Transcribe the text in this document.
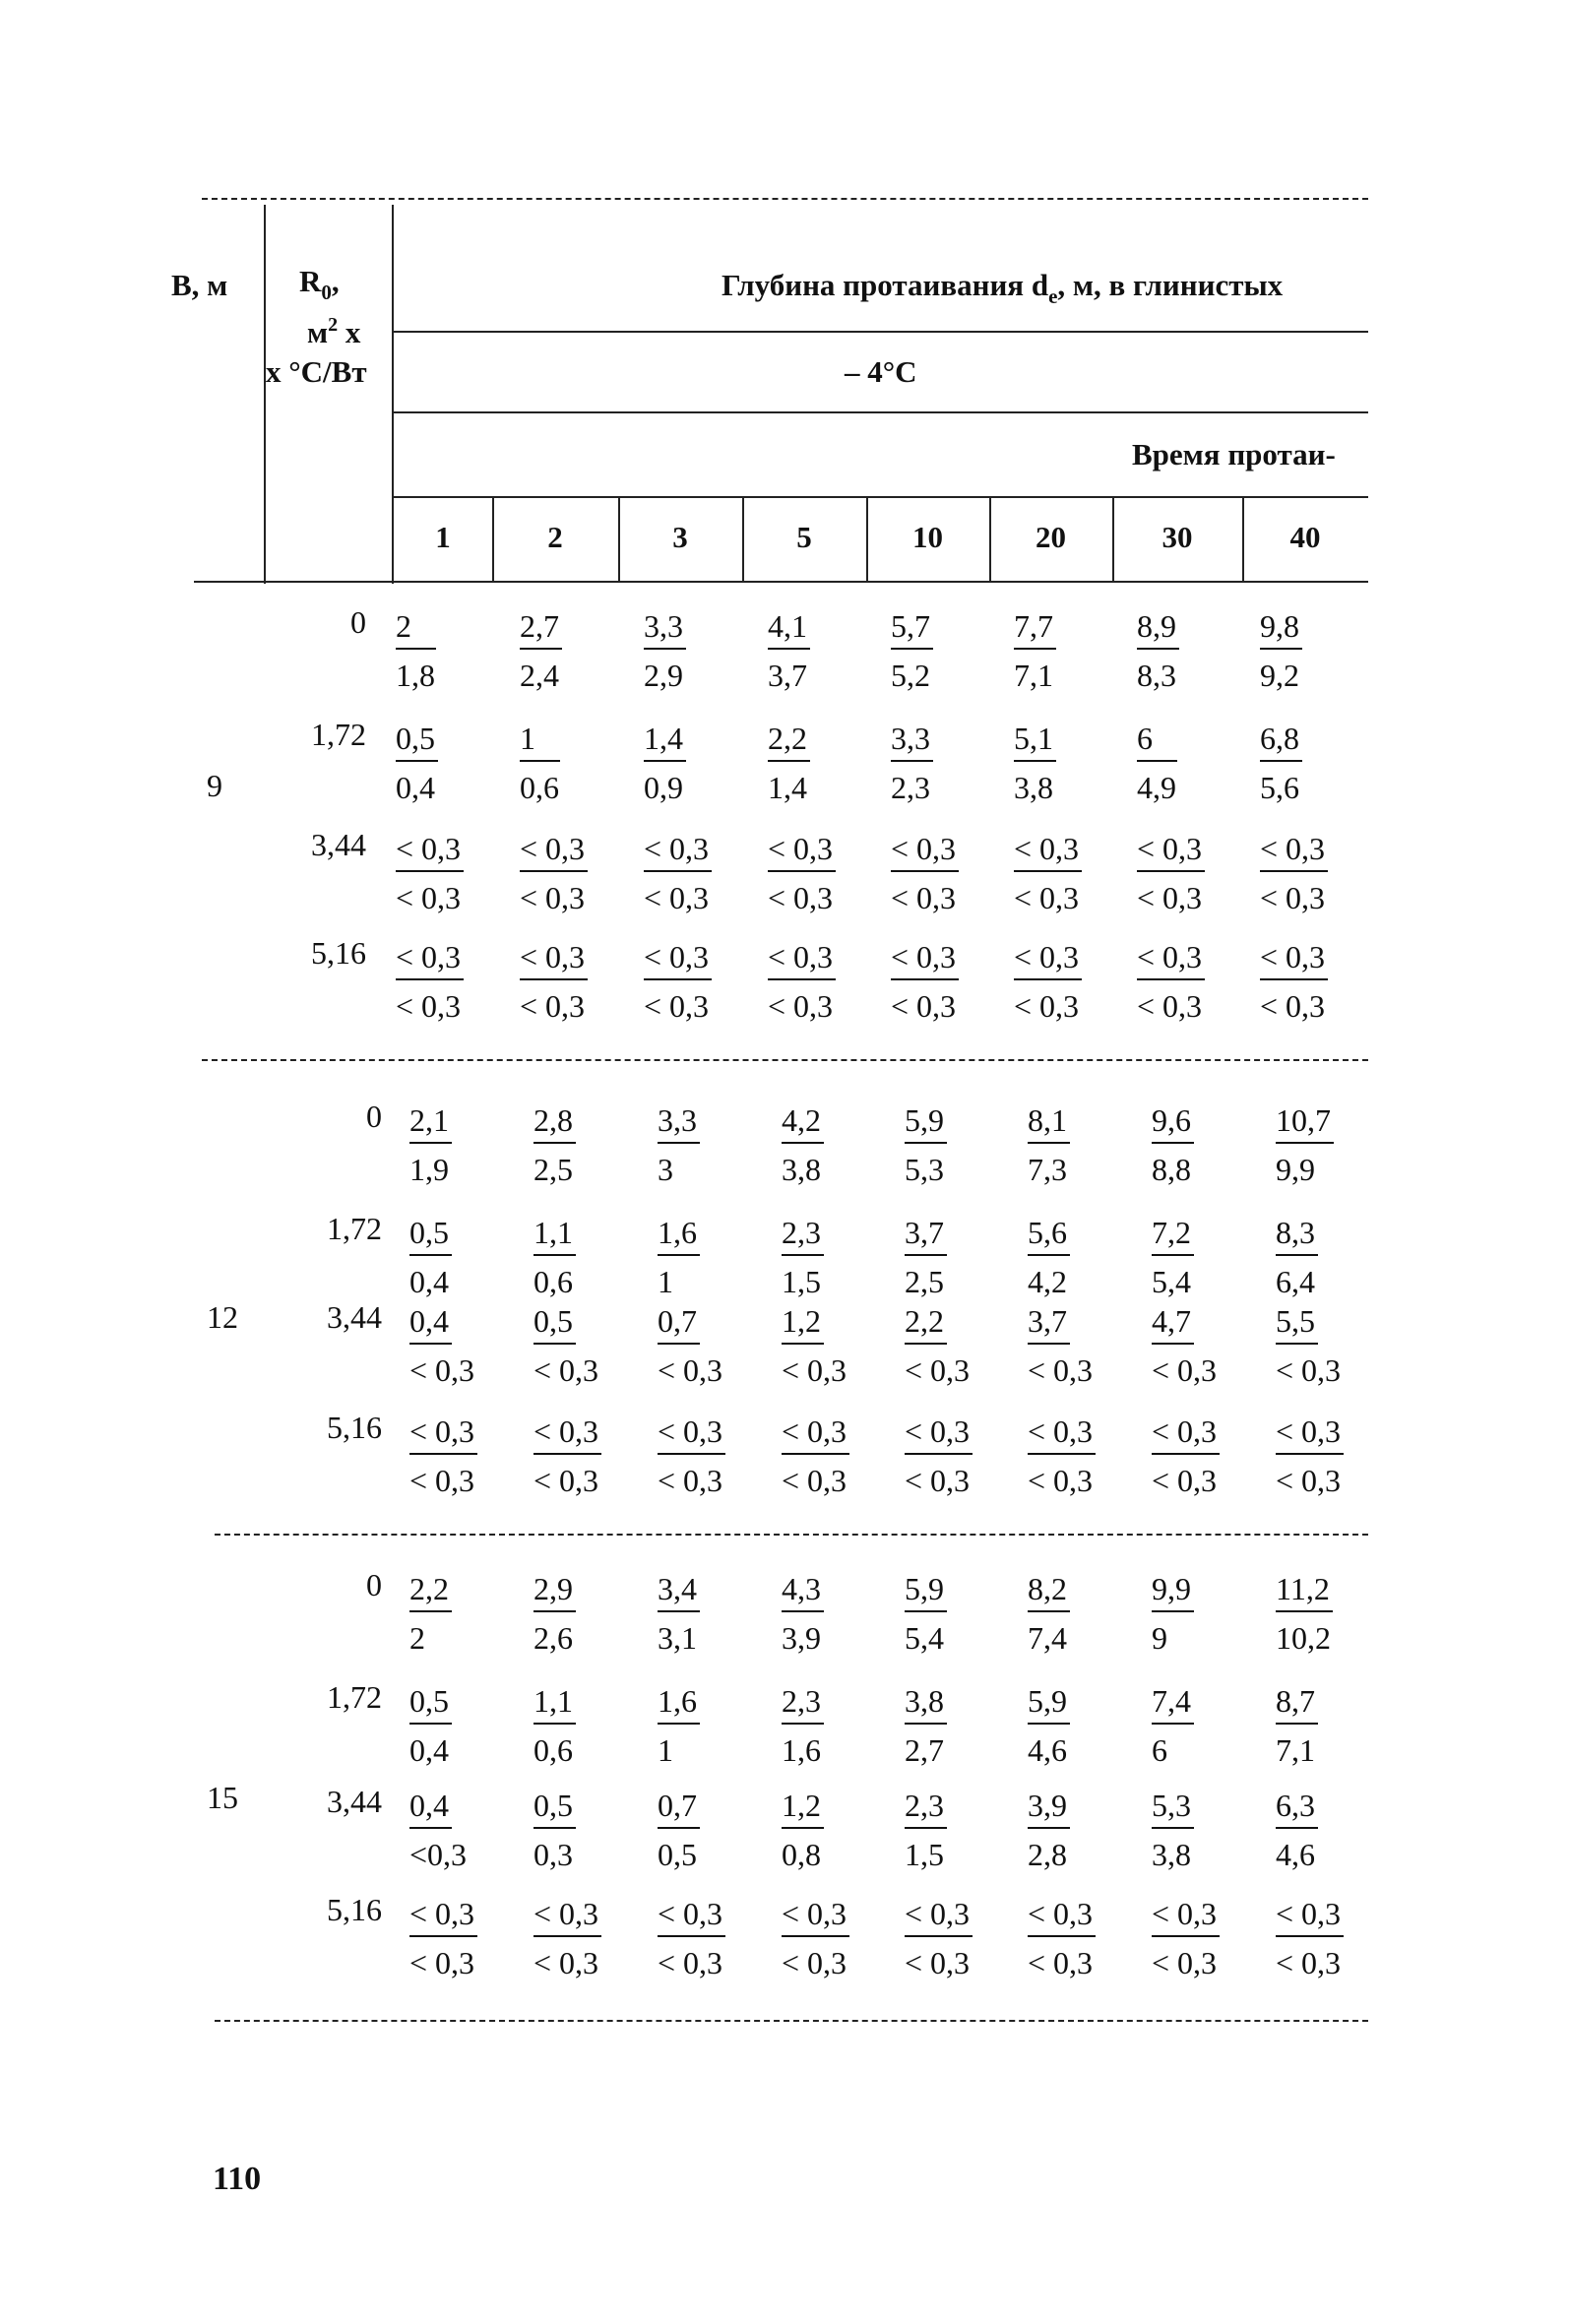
В, м $R_0$,
$м^2$ х
х °С/Вт
Глубина протаивания $d_e$, м, в глинистых
– 4°С
Время протаи-
1	2	3	5	10	20	30	40
9
$0 \frac{2}{1,8} \frac{2,7}{2,4} \frac{3,3}{2,9} \frac{4,1}{3,7} \frac{5,7}{5,2} \frac{7,7}{7,1} \frac{8,9}{8,3} \frac{9,8}{9,2}$
$1,72 \frac{0,5}{0,4} \frac{1}{0,6} \frac{1,4}{0,9} \frac{2,2}{1,4} \frac{3,3}{2,3} \frac{5,1}{3,8} \frac{6}{4,9} \frac{6,8}{5,6}$
$3,44 \frac{< 0,3}{< 0,3} \frac{< 0,3}{< 0,3} \frac{< 0,3}{< 0,3} \frac{< 0,3}{< 0,3} \frac{< 0,3}{< 0,3} \frac{< 0,3}{< 0,3} \frac{< 0,3}{< 0,3} \frac{< 0,3}{< 0,3}$
$5,16 \frac{< 0,3}{< 0,3} \frac{< 0,3}{< 0,3} \frac{< 0,3}{< 0,3} \frac{< 0,3}{< 0,3} \frac{< 0,3}{< 0,3} \frac{< 0,3}{< 0,3} \frac{< 0,3}{< 0,3} \frac{< 0,3}{< 0,3}$
12
$0 \frac{2,1}{1,9} \frac{2,8}{2,5} \frac{3,3}{3} \frac{4,2}{3,8} \frac{5,9}{5,3} \frac{8,1}{7,3} \frac{9,6}{8,8} \frac{10,7}{9,9}$
$1,72 \frac{0,5}{0,4} \frac{1,1}{0,6} \frac{1,6}{1} \frac{2,3}{1,5} \frac{3,7}{2,5} \frac{5,6}{4,2} \frac{7,2}{5,4} \frac{8,3}{6,4}$
$3,44 \frac{0,4}{< 0,3} \frac{0,5}{< 0,3} \frac{0,7}{< 0,3} \frac{1,2}{< 0,3} \frac{2,2}{< 0,3} \frac{3,7}{< 0,3} \frac{4,7}{< 0,3} \frac{5,5}{< 0,3}$
$5,16 \frac{< 0,3}{< 0,3} \frac{< 0,3}{< 0,3} \frac{< 0,3}{< 0,3} \frac{< 0,3}{< 0,3} \frac{< 0,3}{< 0,3} \frac{< 0,3}{< 0,3} \frac{< 0,3}{< 0,3} \frac{< 0,3}{< 0,3}$
15
$0 \frac{2,2}{2} \frac{2,9}{2,6} \frac{3,4}{3,1} \frac{4,3}{3,9} \frac{5,9}{5,4} \frac{8,2}{7,4} \frac{9,9}{9} \frac{11,2}{10,2}$
$1,72 \frac{0,5}{0,4} \frac{1,1}{0,6} \frac{1,6}{1} \frac{2,3}{1,6} \frac{3,8}{2,7} \frac{5,9}{4,6} \frac{7,4}{6} \frac{8,7}{7,1}$
$3,44 \frac{0,4}{<0,3} \frac{0,5}{0,3} \frac{0,7}{0,5} \frac{1,2}{0,8} \frac{2,3}{1,5} \frac{3,9}{2,8} \frac{5,3}{3,8} \frac{6,3}{4,6}$
$5,16 \frac{< 0,3}{< 0,3} \frac{< 0,3}{< 0,3} \frac{< 0,3}{< 0,3} \frac{< 0,3}{< 0,3} \frac{< 0,3}{< 0,3} \frac{< 0,3}{< 0,3} \frac{< 0,3}{< 0,3} \frac{< 0,3}{< 0,3}$
110
